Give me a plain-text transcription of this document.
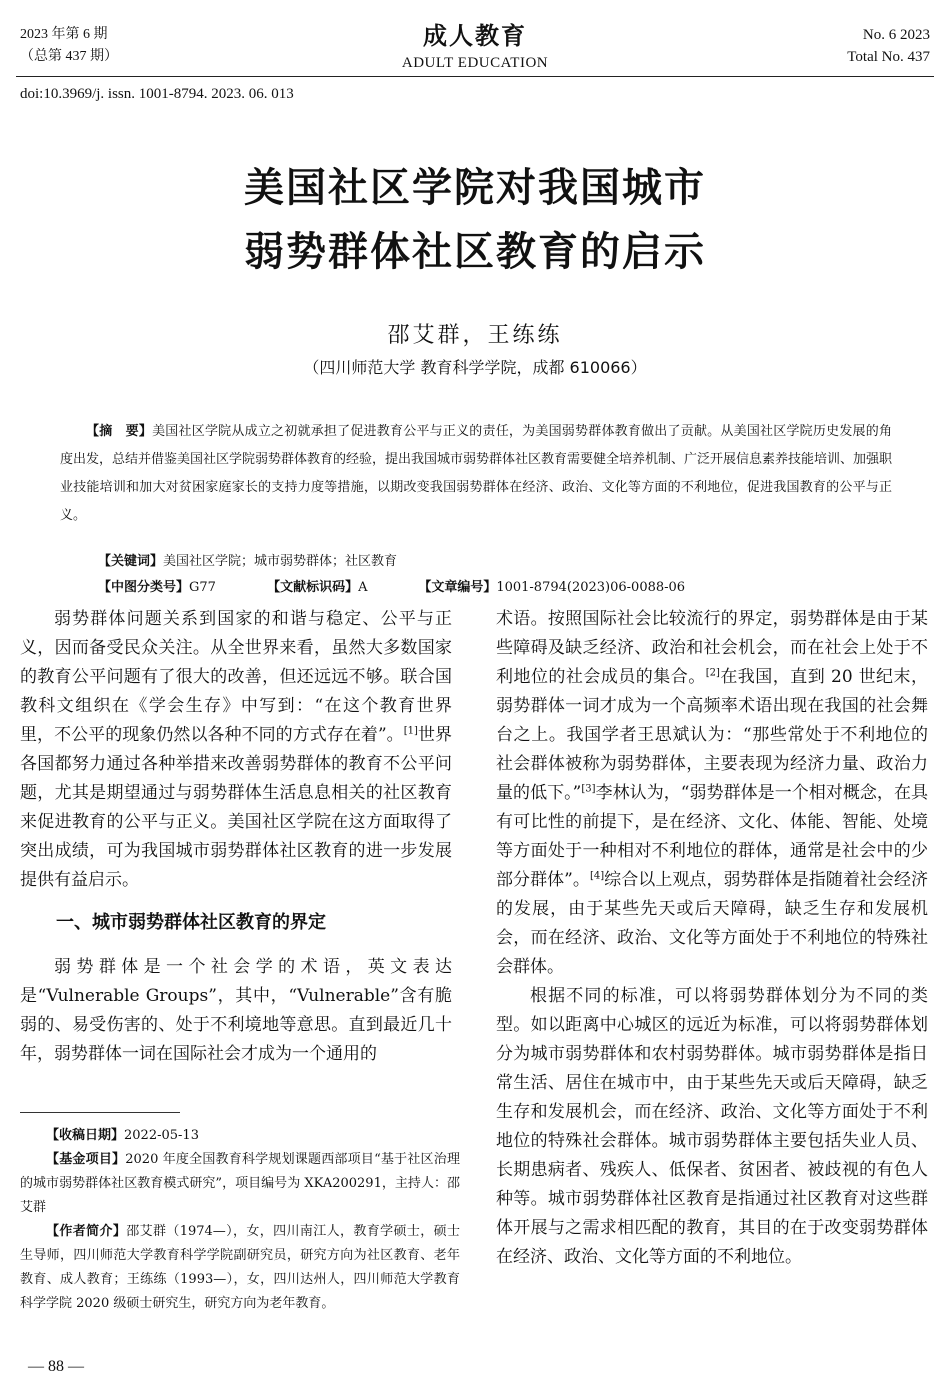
2023 年第 6 期
（总第 437 期）
成人教育
ADULT EDUCATION
No. 6 2023
Total No. 437
doi:10.3969/j. issn. 1001-8794. 2023. 06. 013
美国社区学院对我国城市
弱势群体社区教育的启示
邵艾群，王练练
（四川师范大学 教育科学学院，成都 610066）
【摘　要】美国社区学院从成立之初就承担了促进教育公平与正义的责任，为美国弱势群体教育做出了贡献。从美国社区学院历史发展的角度出发，总结并借鉴美国社区学院弱势群体教育的经验，提出我国城市弱势群体社区教育需要健全培养机制、广泛开展信息素养技能培训、加强职业技能培训和加大对贫困家庭家长的支持力度等措施，以期改变我国弱势群体在经济、政治、文化等方面的不利地位，促进我国教育的公平与正义。
【关键词】美国社区学院；城市弱势群体；社区教育
【中图分类号】G77	【文献标识码】A	【文章编号】1001-8794(2023)06-0088-06

弱势群体问题关系到国家的和谐与稳定、公平与正义，因而备受民众关注。从全世界来看，虽然大多数国家的教育公平问题有了很大的改善，但还远远不够。联合国教科文组织在《学会生存》中写到：“在这个教育世界里，不公平的现象仍然以各种不同的方式存在着”。[1]世界各国都努力通过各种举措来改善弱势群体的教育不公平问题，尤其是期望通过与弱势群体生活息息相关的社区教育来促进教育的公平与正义。美国社区学院在这方面取得了突出成绩，可为我国城市弱势群体社区教育的进一步发展提供有益启示。

一、城市弱势群体社区教育的界定

弱势群体是一个社会学的术语，英文表达是“Vulnerable Groups”，其中，“Vulnerable”含有脆弱的、易受伤害的、处于不利境地等意思。直到最近几十年，弱势群体一词在国际社会才成为一个通用的

术语。按照国际社会比较流行的界定，弱势群体是由于某些障碍及缺乏经济、政治和社会机会，而在社会上处于不利地位的社会成员的集合。[2]在我国，直到 20 世纪末，弱势群体一词才成为一个高频率术语出现在我国的社会舞台之上。我国学者王思斌认为：“那些常处于不利地位的社会群体被称为弱势群体，主要表现为经济力量、政治力量的低下。”[3]李林认为，“弱势群体是一个相对概念，在具有可比性的前提下，是在经济、文化、体能、智能、处境等方面处于一种相对不利地位的群体，通常是社会中的少部分群体”。[4]综合以上观点，弱势群体是指随着社会经济的发展，由于某些先天或后天障碍，缺乏生存和发展机会，而在经济、政治、文化等方面处于不利地位的特殊社会群体。

根据不同的标准，可以将弱势群体划分为不同的类型。如以距离中心城区的远近为标准，可以将弱势群体划分为城市弱势群体和农村弱势群体。城市弱势群体是指日常生活、居住在城市中，由于某些先天或后天障碍，缺乏生存和发展机会，而在经济、政治、文化等方面处于不利地位的特殊社会群体。城市弱势群体主要包括失业人员、长期患病者、残疾人、低保者、贫困者、被歧视的有色人种等。城市弱势群体社区教育是指通过社区教育对这些群体开展与之需求相匹配的教育，其目的在于改变弱势群体在经济、政治、文化等方面的不利地位。

【收稿日期】2022-05-13

【基金项目】2020 年度全国教育科学规划课题西部项目“基于社区治理的城市弱势群体社区教育模式研究”，项目编号为 XKA200291，主持人：邵艾群

【作者简介】邵艾群（1974—），女，四川南江人，教育学硕士，硕士生导师，四川师范大学教育科学学院副研究员，研究方向为社区教育、老年教育、成人教育；王练练（1993—），女，四川达州人，四川师范大学教育科学学院 2020 级硕士研究生，研究方向为老年教育。

— 88 —
